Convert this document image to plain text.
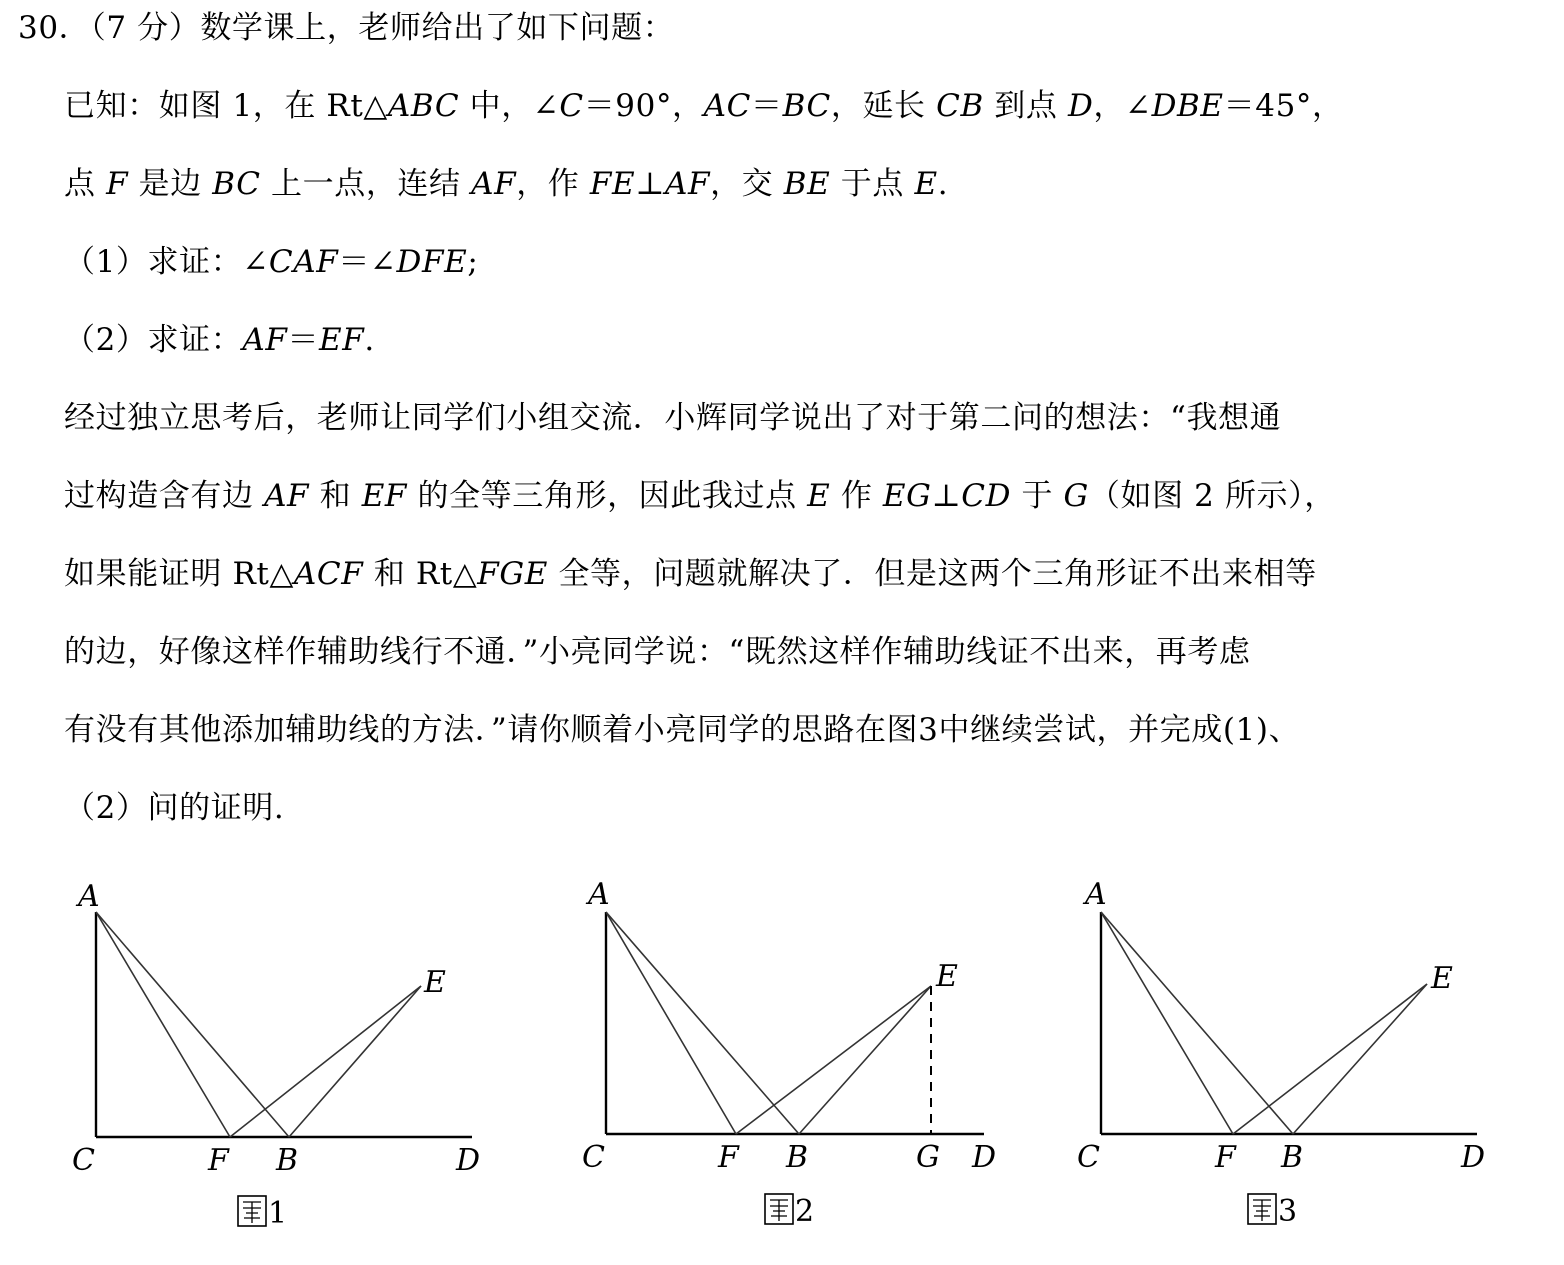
30．（7 分）数学课上，老师给出了如下问题：
已知：如图 1，在 Rt△ABC 中，∠C＝90°，AC＝BC，延长 CB 到点 D，∠DBE＝45°，
点 F 是边 BC 上一点，连结 AF，作 FE⊥AF，交 BE 于点 E.
（1）求证：∠CAF＝∠DFE;
（2）求证：AF＝EF.
经过独立思考后，老师让同学们小组交流．小辉同学说出了对于第二问的想法：“我想通
过构造含有边 AF 和 EF 的全等三角形，因此我过点 E 作 EG⊥CD 于 G（如图 2 所示），
如果能证明 Rt△ACF 和 Rt△FGE 全等，问题就解决了．但是这两个三角形证不出来相等
的边，好像这样作辅助线行不通．”小亮同学说：“既然这样作辅助线证不出来，再考虑
有没有其他添加辅助线的方法．”请你顺着小亮同学的思路在图3中继续尝试，并完成(1)、
（2）问的证明.
A
C	F B	D
E
1
A
C	F B	G D
E
2
A
C	F B	D
E
3
